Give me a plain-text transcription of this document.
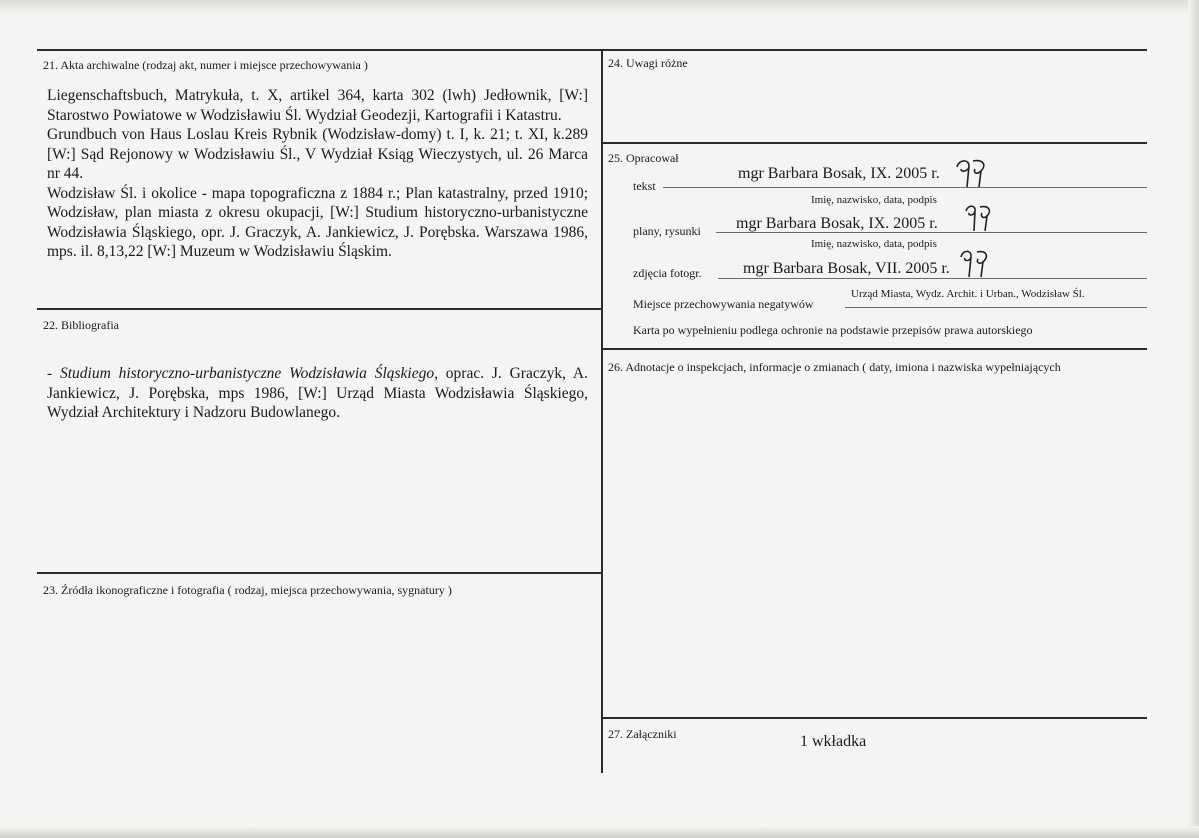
21. Akta archiwalne (rodzaj akt, numer i miejsce przechowywania )

Liegenschaftsbuch, Matrykuła, t. X, artikel 364, karta 302 (lwh) Jedłownik, [W:] Starostwo Powiatowe w Wodzisławiu Śl. Wydział Geodezji, Kartografii i Katastru.

Grundbuch von Haus Loslau Kreis Rybnik (Wodzisław-domy) t. I, k. 21; t. XI, k.289 [W:] Sąd Rejonowy w Wodzisławiu Śl., V Wydział Ksiąg Wieczystych, ul. 26 Marca nr 44.

Wodzisław Śl. i okolice - mapa topograficzna z 1884 r.; Plan katastralny, przed 1910; Wodzisław, plan miasta z okresu okupacji, [W:] Studium historyczno-urbanistyczne Wodzisławia Śląskiego, opr. J. Graczyk, A. Jankiewicz, J. Porębska. Warszawa 1986, mps. il. 8,13,22 [W:] Muzeum w Wodzisławiu Śląskim.

22. Bibliografia
- Studium historyczno-urbanistyczne Wodzisławia Śląskiego, oprac. J. Graczyk, A. Jankiewicz, J. Porębska, mps 1986, [W:] Urząd Miasta Wodzisławia Śląskiego, Wydział Architektury i Nadzoru Budowlanego.
23. Źródła ikonograficzne i fotografia ( rodzaj, miejsca przechowywania, sygnatury )
24. Uwagi różne
25. Opracował
tekst
mgr Barbara Bosak, IX. 2005 r.
Imię, nazwisko, data, podpis
plany, rysunki mgr Barbara Bosak, IX. 2005 r.
Imię, nazwisko, data, podpis
zdjęcia fotogr.	mgr Barbara Bosak, VII. 2005 r.
Miejsce przechowywania negatywów
Urząd Miasta, Wydz. Archit. i Urban., Wodzisław Śl.
Karta po wypełnieniu podlega ochronie na podstawie przepisów prawa autorskiego
26. Adnotacje o inspekcjach, informacje o zmianach ( daty, imiona i nazwiska wypełniających
27. Załączniki	1 wkładka
